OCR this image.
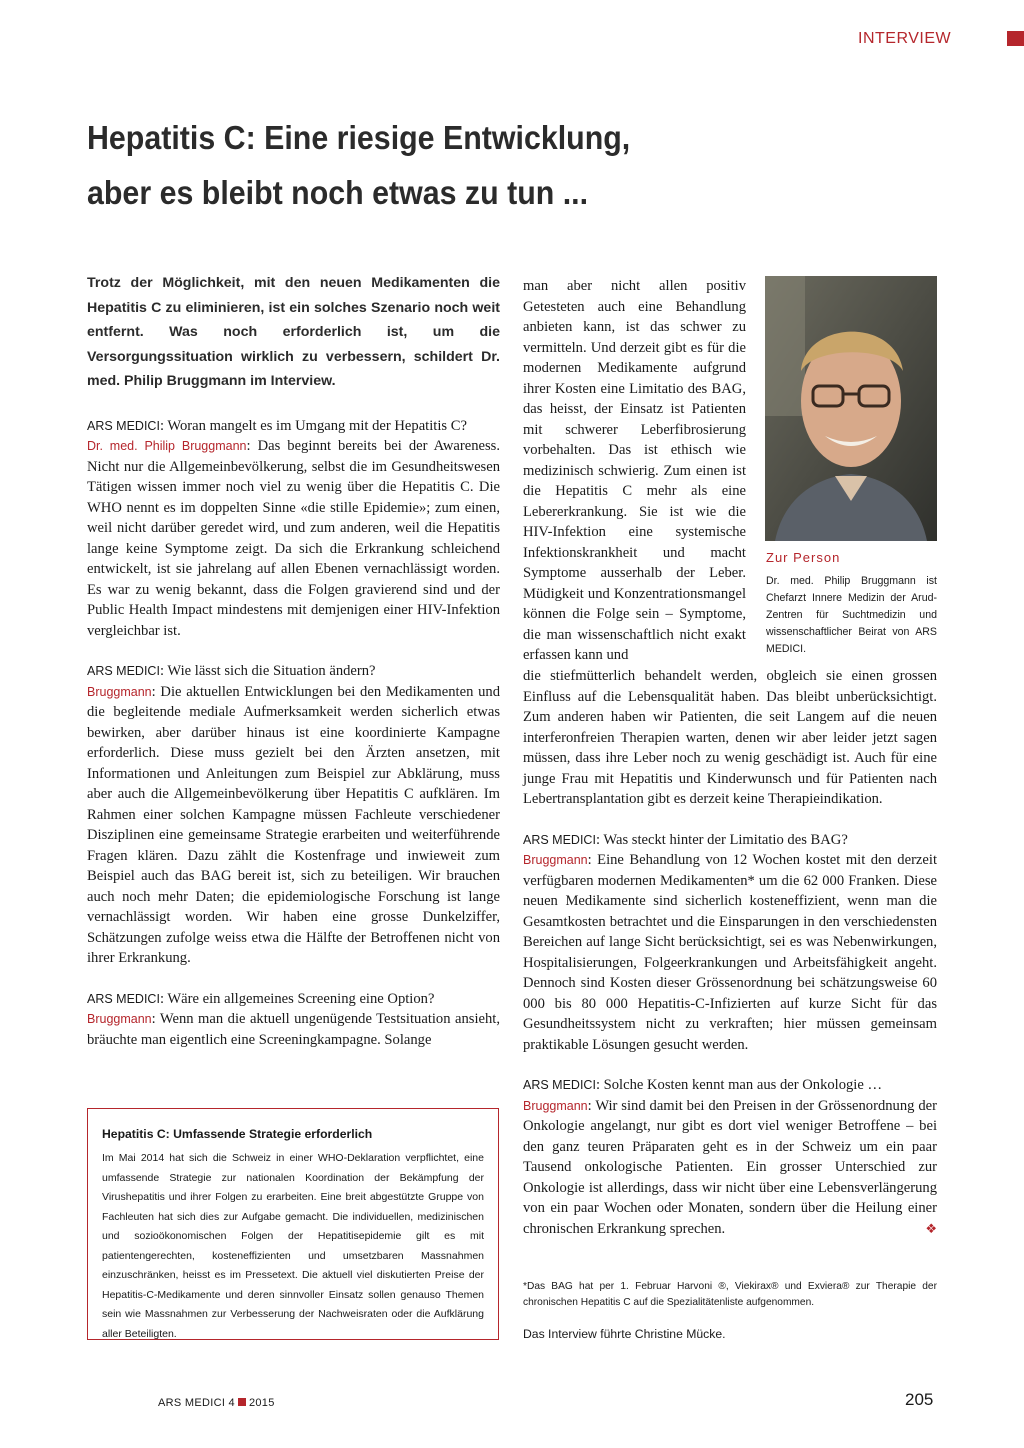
INTERVIEW
Hepatitis C: Eine riesige Entwicklung,
aber es bleibt noch etwas zu tun ...

Trotz der Möglichkeit, mit den neuen Medikamenten die Hepatitis C zu eliminieren, ist ein solches Szenario noch weit entfernt. Was noch erforderlich ist, um die Versorgungssituation wirklich zu verbessern, schildert Dr. med. Philip Bruggmann im Interview.

ARS MEDICI: Woran mangelt es im Umgang mit der Hepatitis C?
Dr. med. Philip Bruggmann: Das beginnt bereits bei der Awareness. Nicht nur die Allgemeinbevölkerung, selbst die im Gesundheitswesen Tätigen wissen immer noch viel zu wenig über die Hepatitis C. Die WHO nennt es im doppelten Sinne «die stille Epidemie»; zum einen, weil nicht darüber geredet wird, und zum anderen, weil die Hepatitis lange keine Symptome zeigt. Da sich die Erkrankung schleichend entwickelt, ist sie jahrelang auf allen Ebenen vernachlässigt worden. Es war zu wenig bekannt, dass die Folgen gravierend sind und der Public Health Impact mindestens mit demjenigen einer HIV-Infektion vergleichbar ist.
ARS MEDICI: Wie lässt sich die Situation ändern?
Bruggmann: Die aktuellen Entwicklungen bei den Medikamenten und die begleitende mediale Aufmerksamkeit werden sicherlich etwas bewirken, aber darüber hinaus ist eine koordinierte Kampagne erforderlich. Diese muss gezielt bei den Ärzten ansetzen, mit Informationen und Anleitungen zum Beispiel zur Abklärung, muss aber auch die Allgemeinbevölkerung über Hepatitis C aufklären. Im Rahmen einer solchen Kampagne müssen Fachleute verschiedener Disziplinen eine gemeinsame Strategie erarbeiten und weiterführende Fragen klären. Dazu zählt die Kostenfrage und inwieweit zum Beispiel auch das BAG bereit ist, sich zu beteiligen. Wir brauchen auch noch mehr Daten; die epidemiologische Forschung ist lange vernachlässigt worden. Wir haben eine grosse Dunkelziffer, Schätzungen zufolge weiss etwa die Hälfte der Betroffenen nicht von ihrer Erkrankung.
ARS MEDICI: Wäre ein allgemeines Screening eine Option?
Bruggmann: Wenn man die aktuell ungenügende Testsituation ansieht, bräuchte man eigentlich eine Screeningkampagne. Solange
man aber nicht allen positiv Getesteten auch eine Behandlung anbieten kann, ist das schwer zu vermitteln. Und derzeit gibt es für die modernen Medikamente aufgrund ihrer Kosten eine Limitatio des BAG, das heisst, der Einsatz ist Patienten mit schwerer Leberfibrosierung vorbehalten. Das ist ethisch wie medizinisch schwierig. Zum einen ist die Hepatitis C mehr als eine Lebererkrankung. Sie ist wie die HIV-Infektion eine systemische Infektionskrankheit und macht Symptome ausserhalb der Leber. Müdigkeit und Konzentrationsmangel können die Folge sein – Symptome, die man wissenschaftlich nicht exakt erfassen kann und
Zur Person
Dr. med. Philip Bruggmann ist Chefarzt Innere Medizin der Arud-Zentren für Suchtmedizin und wissenschaftlicher Beirat von ARS MEDICI.
die stiefmütterlich behandelt werden, obgleich sie einen grossen Einfluss auf die Lebensqualität haben. Das bleibt unberücksichtigt. Zum anderen haben wir Patienten, die seit Langem auf die neuen interferonfreien Therapien warten, denen wir aber leider jetzt sagen müssen, dass ihre Leber noch zu wenig geschädigt ist. Auch für eine junge Frau mit Hepatitis und Kinderwunsch und für Patienten nach Lebertransplantation gibt es derzeit keine Therapieindikation.
ARS MEDICI: Was steckt hinter der Limitatio des BAG?
Bruggmann: Eine Behandlung von 12 Wochen kostet mit den derzeit verfügbaren modernen Medikamenten* um die 62 000 Franken. Diese neuen Medikamente sind sicherlich kosteneffizient, wenn man die Gesamtkosten betrachtet und die Einsparungen in den verschiedensten Bereichen auf lange Sicht berücksichtigt, sei es was Nebenwirkungen, Hospitalisierungen, Folgeerkrankungen und Arbeitsfähigkeit angeht. Dennoch sind Kosten dieser Grössenordnung bei schätzungsweise 60 000 bis 80 000 Hepatitis-C-Infizierten auf kurze Sicht für das Gesundheitssystem nicht zu verkraften; hier müssen gemeinsam praktikable Lösungen gesucht werden.
ARS MEDICI: Solche Kosten kennt man aus der Onkologie …
Bruggmann: Wir sind damit bei den Preisen in der Grössenordnung der Onkologie angelangt, nur gibt es dort viel weniger Betroffene – bei den ganz teuren Präparaten geht es in der Schweiz um ein paar Tausend onkologische Patienten. Ein grosser Unterschied zur Onkologie ist allerdings, dass wir nicht über eine Lebensverlängerung von ein paar Wochen oder Monaten, sondern über die Heilung einer chronischen Erkrankung sprechen.	❖
Hepatitis C: Umfassende Strategie erforderlich
Im Mai 2014 hat sich die Schweiz in einer WHO-Deklaration verpflichtet, eine umfassende Strategie zur nationalen Koordination der Bekämpfung der Virushepatitis und ihrer Folgen zu erarbeiten. Eine breit abgestützte Gruppe von Fachleuten hat sich dies zur Aufgabe gemacht. Die individuellen, medizinischen und sozioökonomischen Folgen der Hepatitisepidemie gilt es mit patientengerechten, kosteneffizienten und umsetzbaren Massnahmen einzuschränken, heisst es im Pressetext. Die aktuell viel diskutierten Preise der Hepatitis-C-Medikamente und deren sinnvoller Einsatz sollen genauso Themen sein wie Massnahmen zur Verbesserung der Nachweisraten oder die Aufklärung aller Beteiligten.
*Das BAG hat per 1. Februar Harvoni ®, Viekirax® und Exviera® zur Therapie der chronischen Hepatitis C auf die Spezialitätenliste aufgenommen.
Das Interview führte Christine Mücke.
ARS MEDICI 4 2015	205
